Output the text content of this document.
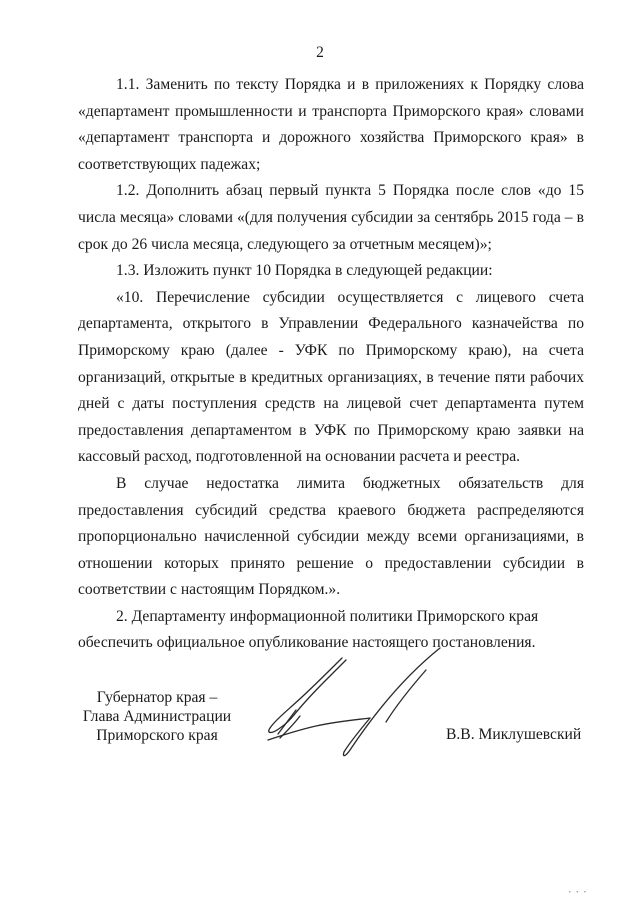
2

1.1. Заменить по тексту Порядка и в приложениях к Порядку слова «департамент промышленности и транспорта Приморского края» словами «департамент транспорта и дорожного хозяйства Приморского края» в соответствующих падежах;

1.2. Дополнить абзац первый пункта 5 Порядка после слов «до 15 числа месяца» словами «(для получения субсидии за сентябрь 2015 года – в срок до 26 числа месяца, следующего за отчетным месяцем)»;

1.3. Изложить пункт 10 Порядка в следующей редакции:

«10. Перечисление субсидии осуществляется с лицевого счета департамента, открытого в Управлении Федерального казначейства по Приморскому краю (далее - УФК по Приморскому краю), на счета организаций, открытые в кредитных организациях, в течение пяти рабочих дней с даты поступления средств на лицевой счет департамента путем предоставления департаментом в УФК по Приморскому краю заявки на кассовый расход, подготовленной на основании расчета и реестра.

В случае недостатка лимита бюджетных обязательств для предоставления субсидий средства краевого бюджета распределяются пропорционально начисленной субсидии между всеми организациями, в отношении которых принято решение о предоставлении субсидии в соответствии с настоящим Порядком.».

2. Департаменту информационной политики Приморского края обеспечить официальное опубликование настоящего постановления.

Губернатор края –
Глава Администрации
Приморского края	В.В. Миклушевский
• • •
